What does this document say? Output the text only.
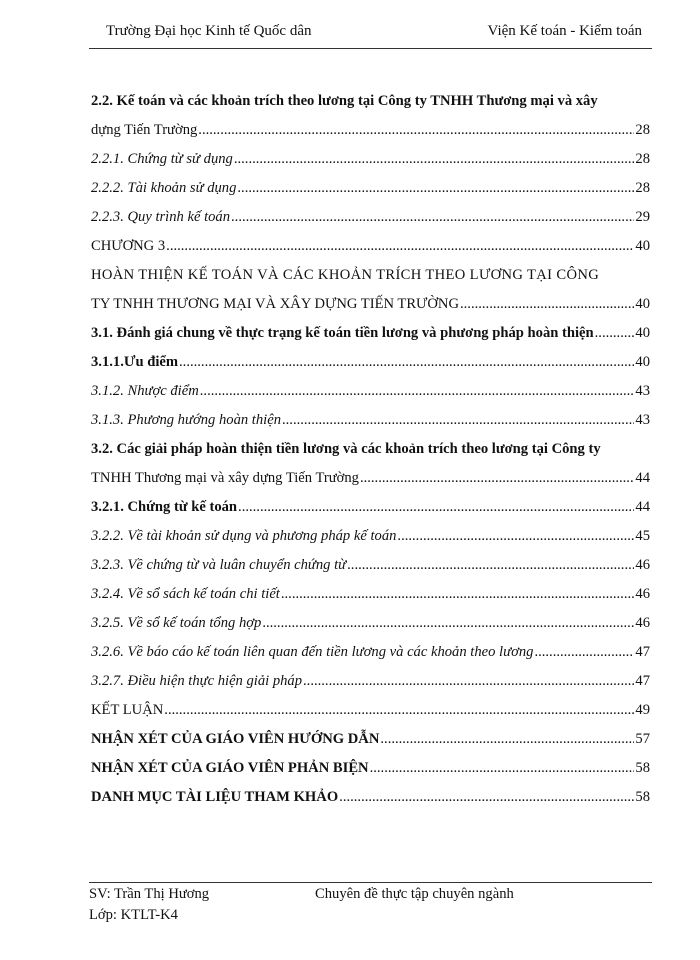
Trường Đại học Kinh tế Quốc dân	Viện Kế toán - Kiểm toán
2.2. Kế toán và các khoản trích theo lương tại Công ty TNHH Thương mại và xây
dựng Tiến Trường .....	28
2.2.1. Chứng từ sử dụng .....	28
2.2.2. Tài khoản sử dụng .....	28
2.2.3. Quy trình kế toán .....	29
CHƯƠNG 3 .....	40
HOÀN THIỆN KẾ TOÁN VÀ CÁC KHOẢN TRÍCH THEO LƯƠNG TẠI CÔNG
TY TNHH THƯƠNG MẠI VÀ XÂY DỰNG TIẾN TRƯỜNG .....	40
3.1. Đánh giá chung về thực trạng kế toán tiền lương và phương pháp hoàn thiện .....	40
3.1.1.Ưu điểm .....	40
3.1.2. Nhược điểm .....	43
3.1.3. Phương hướng hoàn thiện .....	43
3.2. Các giải pháp hoàn thiện tiền lương và các khoản trích theo lương tại Công ty
TNHH Thương mại và xây dựng Tiến Trường .....	44
3.2.1. Chứng từ kế toán .....	44
3.2.2. Về tài khoản sử dụng và phương pháp kế toán .....	45
3.2.3. Về chứng từ và luân chuyển chứng từ .....	46
3.2.4. Về sổ sách kế toán chi tiết .....	46
3.2.5. Về sổ kế toán tổng hợp .....	46
3.2.6. Về báo cáo kế toán liên quan đến tiền lương và các khoản theo lương .....	47
3.2.7. Điều hiện thực hiện giải pháp .....	47
KẾT LUẬN .....	49
NHẬN XÉT CỦA GIÁO VIÊN HƯỚNG DẪN .....	57
NHẬN XÉT CỦA GIÁO VIÊN PHẢN BIỆN .....	58
DANH MỤC TÀI LIỆU THAM KHẢO .....	58
SV: Trần Thị Hương
Lớp: KTLT-K4
Chuyên đề thực tập chuyên ngành
